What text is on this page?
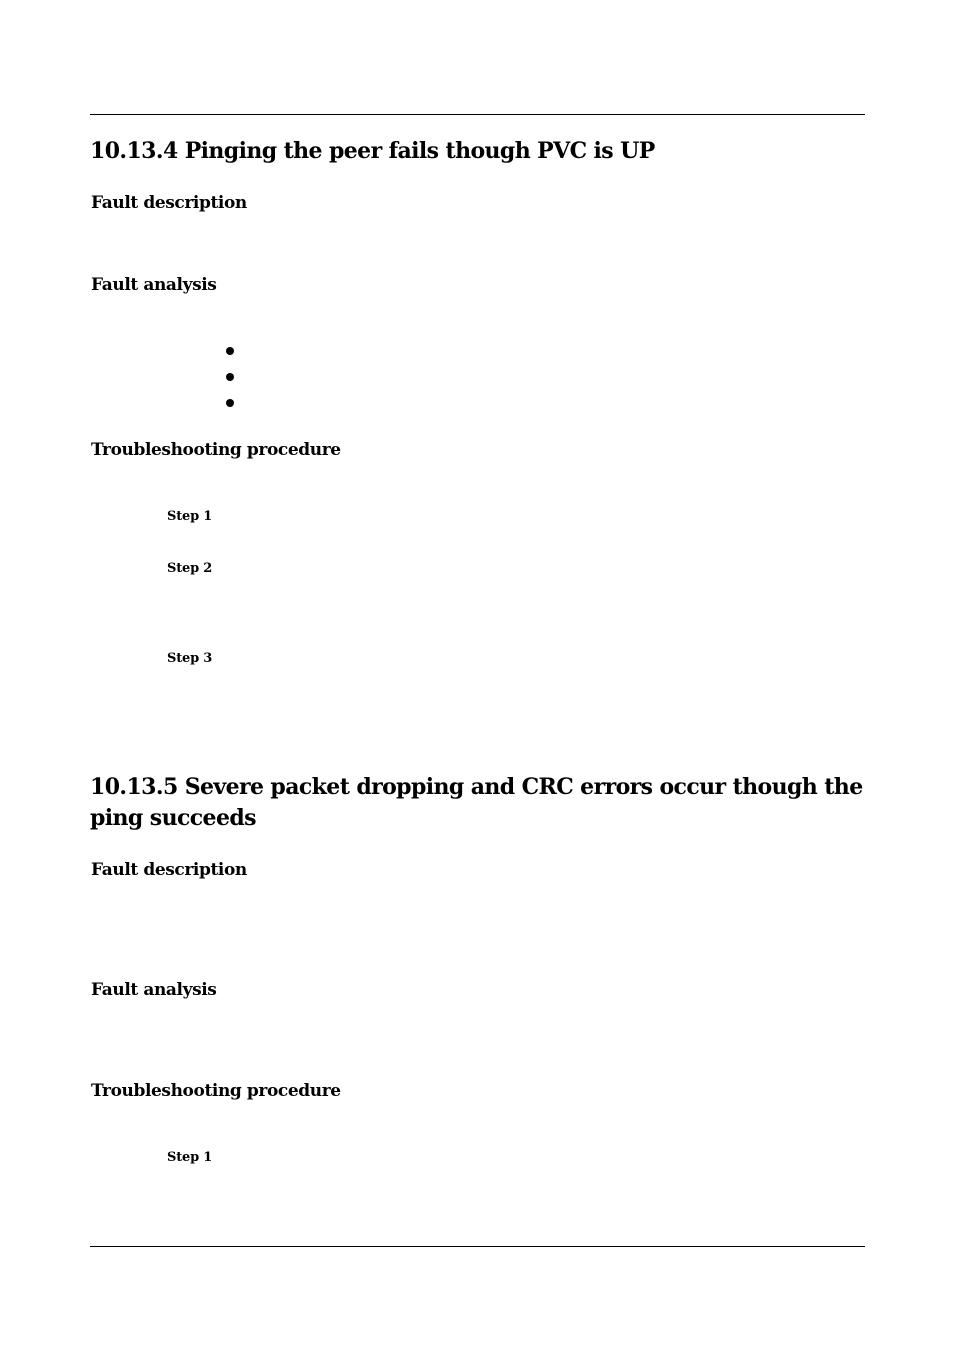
10.13.4 Pinging the peer fails though PVC is UP
Fault description
Fault analysis
Troubleshooting procedure
Step 1
Step 2
Step 3
10.13.5 Severe packet dropping and CRC errors occur though the ping succeeds
Fault description
Fault analysis
Troubleshooting procedure
Step 1
